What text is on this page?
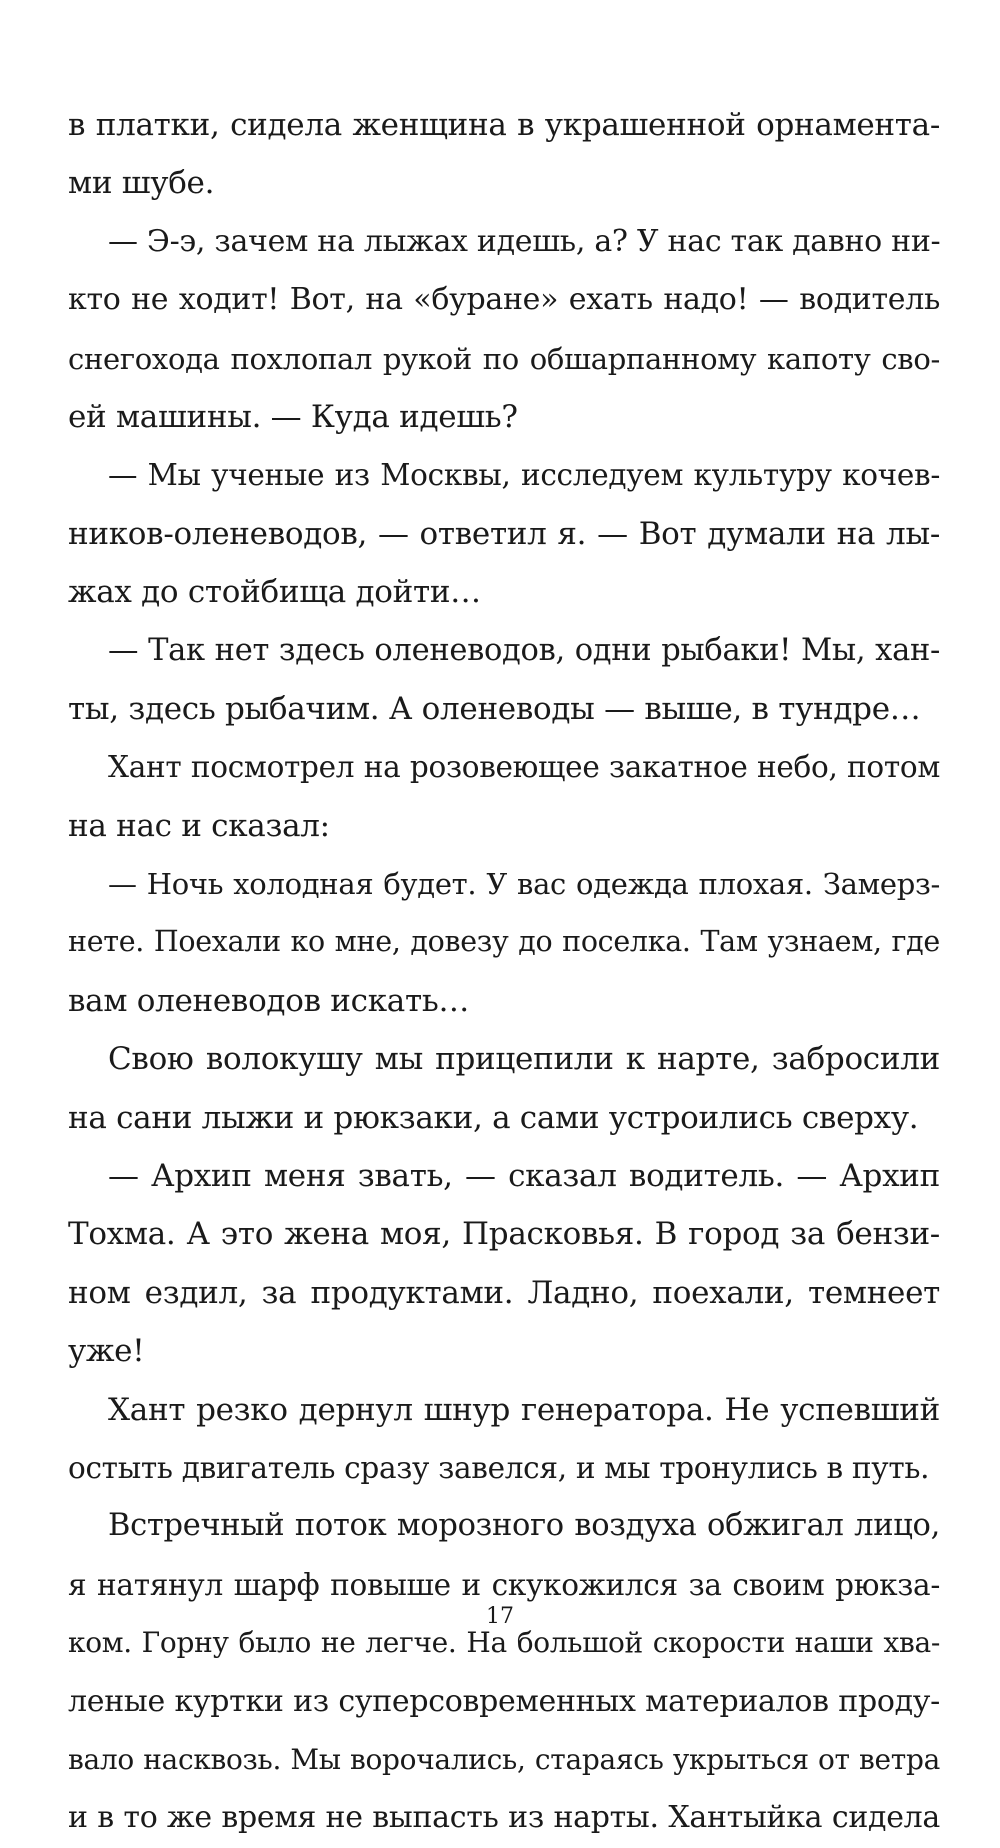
в платки, сидела женщина в украшенной орнамента-
ми шубе.
— Э-э, зачем на лыжах идешь, а? У нас так давно ни-
кто не ходит! Вот, на «буране» ехать надо! — водитель
снегохода похлопал рукой по обшарпанному капоту сво-
ей машины. — Куда идешь?
— Мы ученые из Москвы, исследуем культуру кочев-
ников-оленеводов, — ответил я. — Вот думали на лы-
жах до стойбища дойти…
— Так нет здесь оленеводов, одни рыбаки! Мы, хан-
ты, здесь рыбачим. А оленеводы — выше, в тундре…
Хант посмотрел на розовеющее закатное небо, потом
на нас и сказал:
— Ночь холодная будет. У вас одежда плохая. Замерз-
нете. Поехали ко мне, довезу до поселка. Там узнаем, где
вам оленеводов искать…
Свою волокушу мы прицепили к нарте, забросили
на сани лыжи и рюкзаки, а сами устроились сверху.
— Архип меня звать, — сказал водитель. — Архип
Тохма. А это жена моя, Прасковья. В город за бензи-
ном ездил, за продуктами. Ладно, поехали, темнеет
уже!
Хант резко дернул шнур генератора. Не успевший
остыть двигатель сразу завелся, и мы тронулись в путь.
Встречный поток морозного воздуха обжигал лицо,
я натянул шарф повыше и скукожился за своим рюкза-
ком. Горну было не легче. На большой скорости наши хва-
леные куртки из суперсовременных материалов проду-
вало насквозь. Мы ворочались, стараясь укрыться от ветра
и в то же время не выпасть из нарты. Хантыйка сидела
17
